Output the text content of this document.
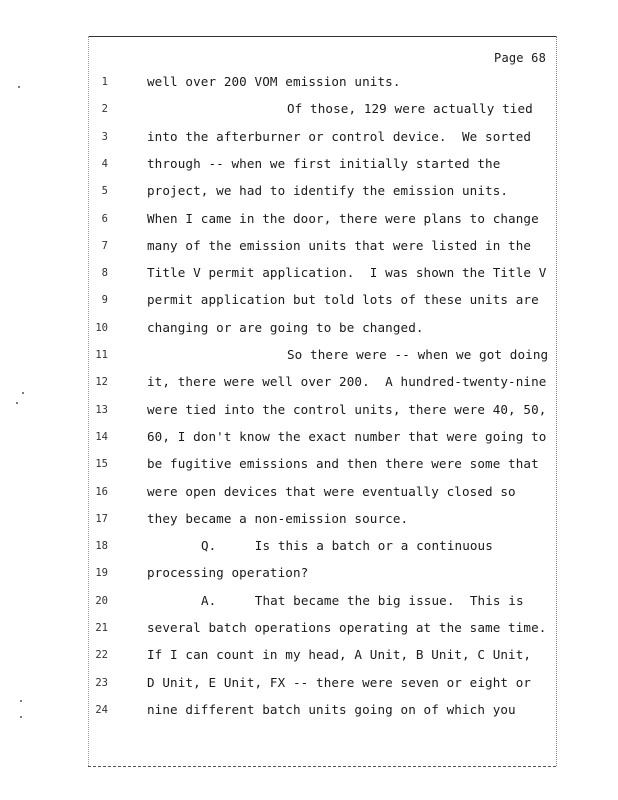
Page 68
1	well over 200 VOM emission units.
2	Of those, 129 were actually tied
3	into the afterburner or control device.  We sorted
4	through -- when we first initially started the
5	project, we had to identify the emission units.
6	When I came in the door, there were plans to change
7	many of the emission units that were listed in the
8	Title V permit application.  I was shown the Title V
9	permit application but told lots of these units are
10	changing or are going to be changed.
11	So there were -- when we got doing
12	it, there were well over 200.  A hundred-twenty-nine
13	were tied into the control units, there were 40, 50,
14	60, I don't know the exact number that were going to
15	be fugitive emissions and then there were some that
16	were open devices that were eventually closed so
17	they became a non-emission source.
18	Q.     Is this a batch or a continuous
19	processing operation?
20	A.     That became the big issue.  This is
21	several batch operations operating at the same time.
22	If I can count in my head, A Unit, B Unit, C Unit,
23	D Unit, E Unit, FX -- there were seven or eight or
24	nine different batch units going on of which you
